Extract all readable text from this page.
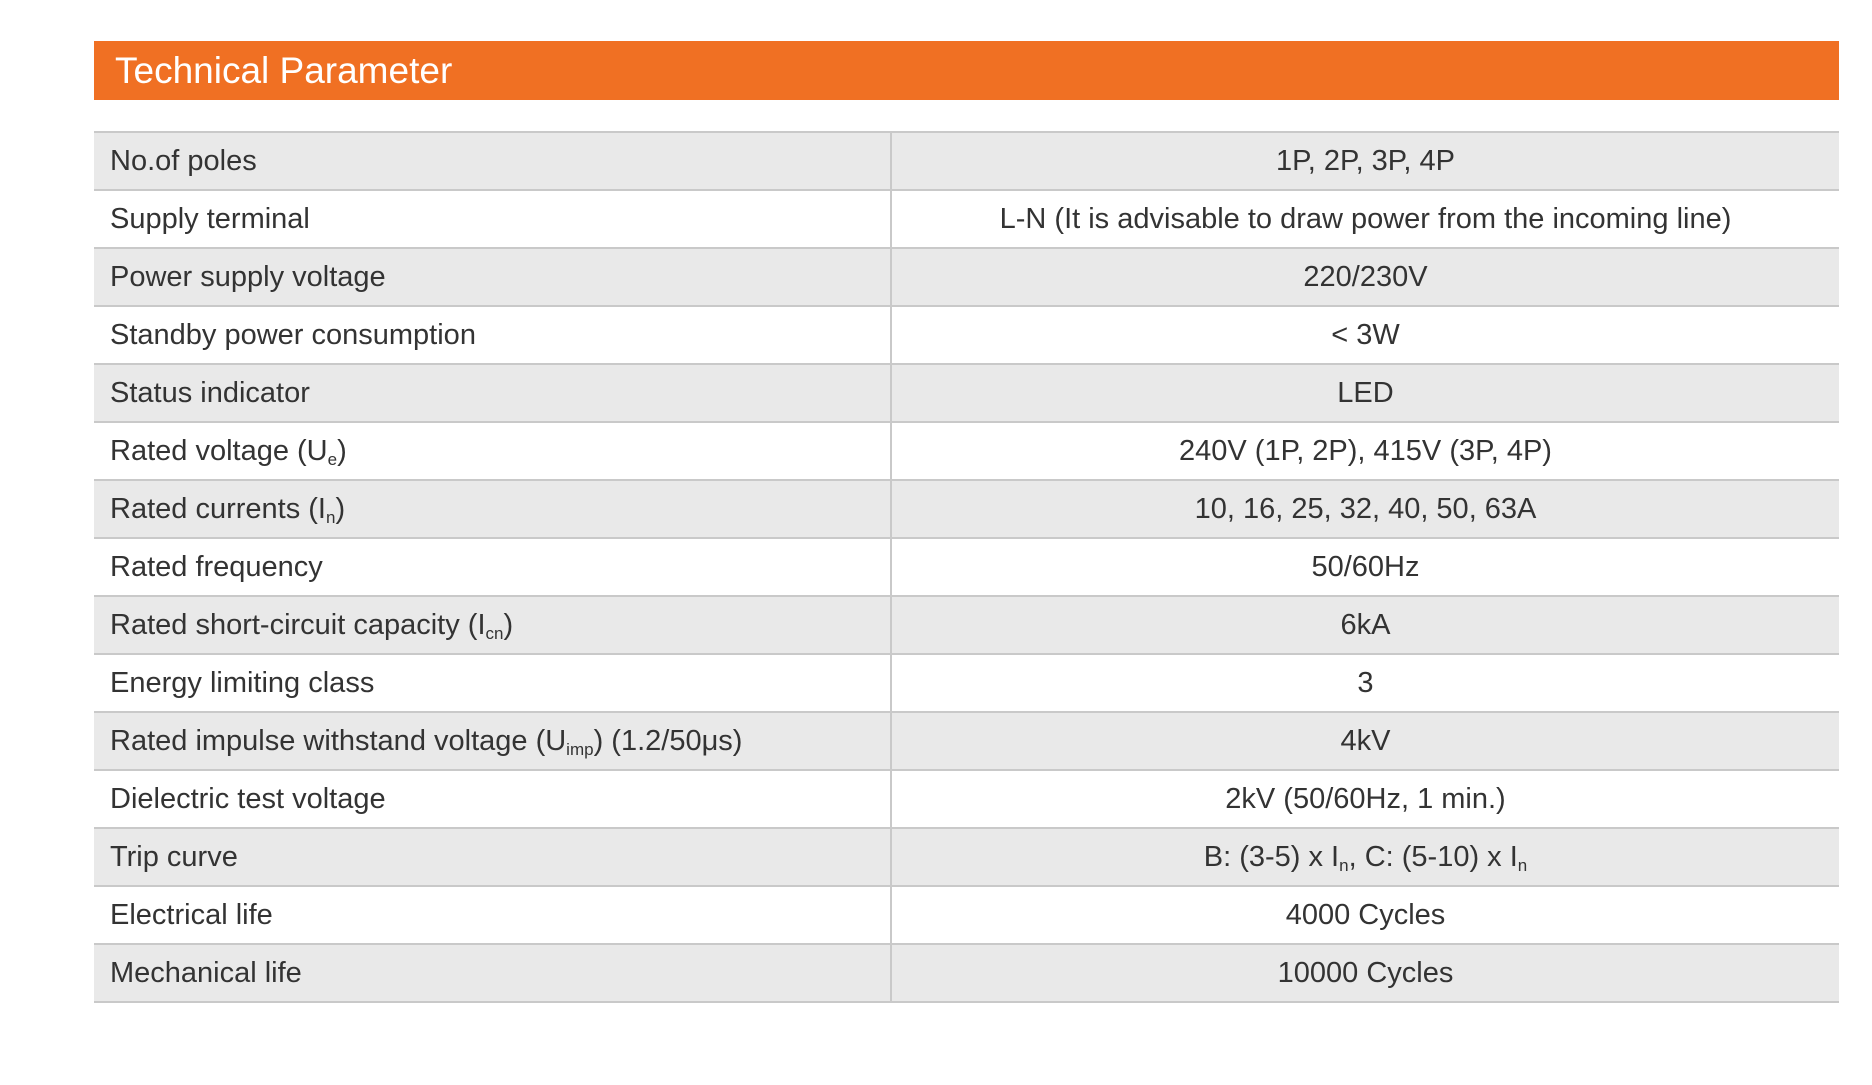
Technical Parameter
No.of poles	1P, 2P, 3P, 4P
Supply terminal	L-N (It is advisable to draw power from the incoming line)
Power supply voltage	220/230V
Standby power consumption	< 3W
Status indicator	LED
Rated voltage $(U_e)$	240V (1P, 2P), 415V (3P, 4P)
Rated currents $(I_n)$	10, 16, 25, 32, 40, 50, 63A
Rated frequency	50/60Hz
Rated short-circuit capacity $(I_{cn})$	6kA
Energy limiting class	3
Rated impulse withstand voltage $(U_{imp})$ (1.2/50μs)	4kV
Dielectric test voltage	2kV (50/60Hz, 1 min.)
Trip curve	B: (3-5) x $I_n$, C: (5-10) x $I_n$
Electrical life	4000 Cycles
Mechanical life	10000 Cycles
